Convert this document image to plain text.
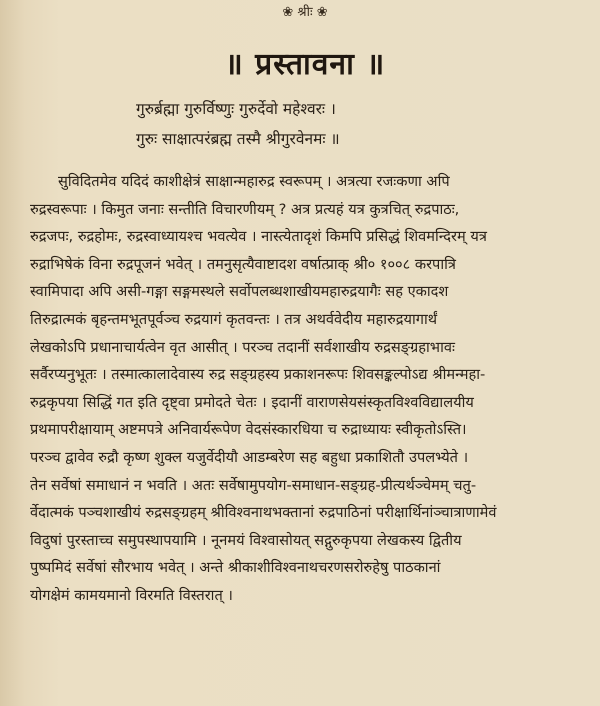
❀ श्रीः ❀
॥ प्रस्तावना ॥
गुरुर्ब्रह्मा गुरुर्विष्णुः गुरुर्देवो महेश्वरः ।
गुरुः साक्षात्परंब्रह्म तस्मै श्रीगुरवेनमः ॥
सुविदितमेव यदिदं काशीक्षेत्रं साक्षान्महारुद्र स्वरूपम् । अत्रत्या रजःकणा अपि
रुद्रस्वरूपाः । किमुत जनाः सन्तीति विचारणीयम् ? अत्र प्रत्यहं यत्र कुत्रचित् रुद्रपाठः,
रुद्रजपः, रुद्रहोमः, रुद्रस्वाध्यायश्च भवत्येव । नास्त्येतादृशं किमपि प्रसिद्धं शिवमन्दिरम् यत्र
रुद्राभिषेकं विना रुद्रपूजनं भवेत् । तमनुसृत्यैवाष्टादश वर्षात्प्राक् श्री० १००८ करपात्रि
स्वामिपादा अपि असी-गङ्गा सङ्गमस्थले सर्वोपलब्धशाखीयमहारुद्रयागैः सह एकादश
तिरुद्रात्मकं बृहन्तमभूतपूर्वञ्च रुद्रयागं कृतवन्तः । तत्र अथर्ववेदीय महारुद्रयागार्थं
लेखकोऽपि प्रधानाचार्यत्वेन वृत आसीत् । परञ्च तदानीं सर्वशाखीय रुद्रसङ्ग्रहाभावः
सर्वैरप्यनुभूतः । तस्मात्कालादेवास्य रुद्र सङ्ग्रहस्य प्रकाशनरूपः शिवसङ्कल्पोऽद्य श्रीमन्महा-
रुद्रकृपया सिद्धिं गत इति दृष्ट्वा प्रमोदते चेतः । इदानीं वाराणसेयसंस्कृतविश्वविद्यालयीय
प्रथमापरीक्षायाम् अष्टमपत्रे अनिवार्यरूपेण वेदसंस्कारधिया च रुद्राध्यायः स्वीकृतोऽस्ति।
परञ्च द्वावेव रुद्रौ कृष्ण शुक्ल यजुर्वेदीयौ आडम्बरेण सह बहुधा प्रकाशितौ उपलभ्येते ।
तेन सर्वेषां समाधानं न भवति । अतः सर्वेषामुपयोग-समाधान-सङ्ग्रह-प्रीत्यर्थञ्चेमम् चतु-
र्वेदात्मकं पञ्चशाखीयं रुद्रसङ्ग्रहम् श्रीविश्वनाथभक्तानां रुद्रपाठिनां परीक्षार्थिनांञ्चात्राणामेवं
विदुषां पुरस्ताच्च समुपस्थापयामि । नूनमयं विश्वासोयत् सद्गुरुकृपया लेखकस्य द्वितीय
पुष्पमिदं सर्वेषां सौरभाय भवेत् । अन्ते श्रीकाशीविश्वनाथचरणसरोरुहेषु पाठकानां
योगक्षेमं कामयमानो विरमति विस्तरात् ।
